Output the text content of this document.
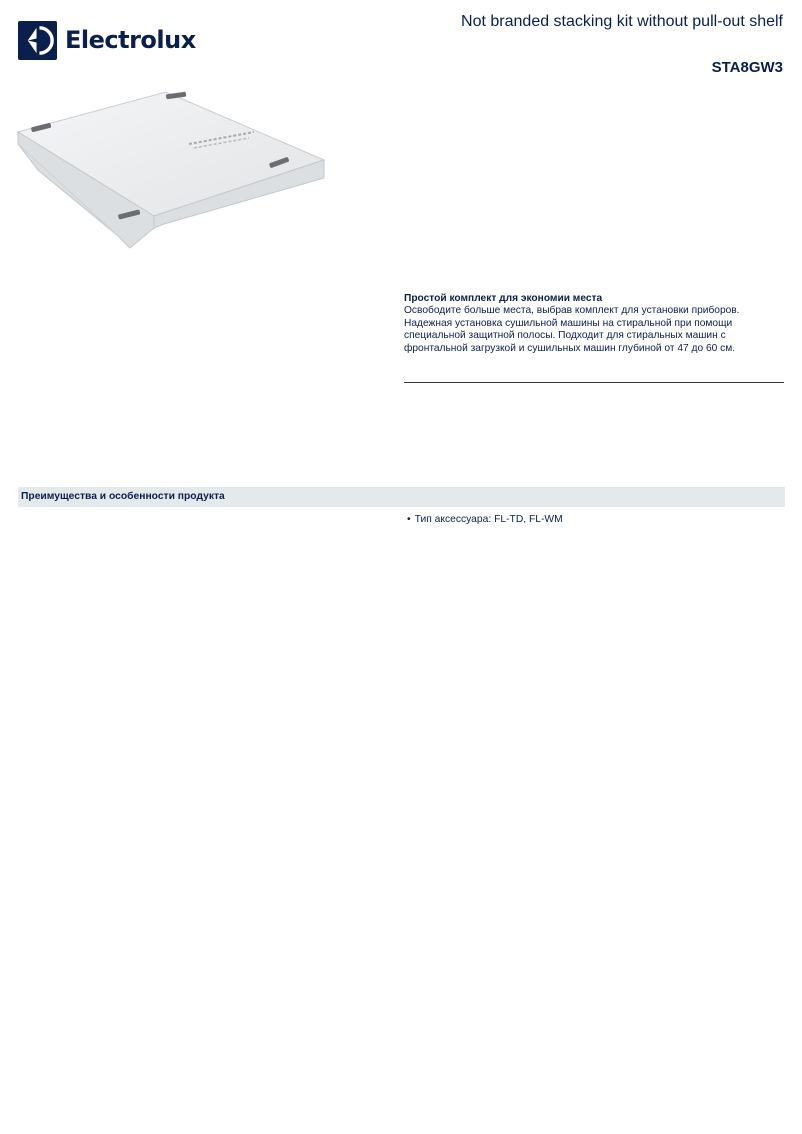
Electrolux
Not branded stacking kit without pull-out shelf
STA8GW3

Простой комплект для экономии места

Освободите больше места, выбрав комплект для установки приборов. Надежная установка сушильной машины на стиральной при помощи специальной защитной полосы. Подходит для стиральных машин с фронтальной загрузкой и сушильных машин глубиной от 47 до 60 см.

Преимущества и особенности продукта
• Тип аксессуара: FL-TD, FL-WM
